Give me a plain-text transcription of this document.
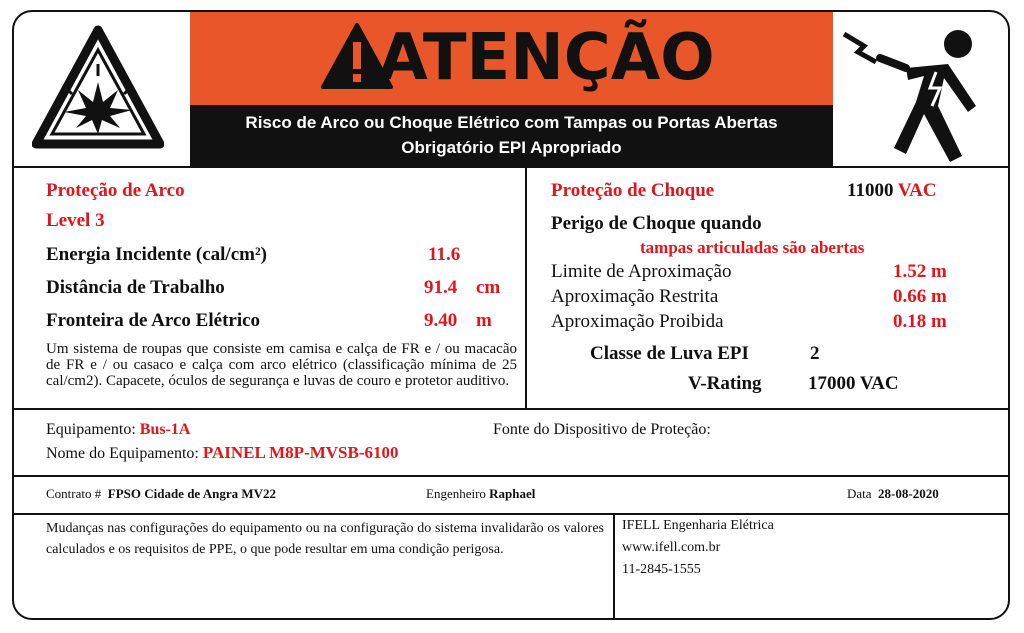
ATENÇÃO
Risco de Arco ou Choque Elétrico com Tampas ou Portas Abertas
Obrigatório EPI Apropriado
Proteção de Arco
Level 3
Energia Incidente (cal/cm²)	11.6
Distância de Trabalho	91.4 cm
Fronteira de Arco Elétrico	9.40 m
Um sistema de roupas que consiste em camisa e calça de FR e / ou macacão de FR e / ou casaco e calça com arco elétrico (classificação mínima de 25 cal/cm2). Capacete, óculos de segurança e luvas de couro e protetor auditivo.
Proteção de Choque	11000 VAC
Perigo de Choque quando
tampas articuladas são abertas
Limite de Aproximação	1.52 m
Aproximação Restrita	0.66 m
Aproximação Proibida	0.18 m
Classe de Luva EPI	2
V-Rating 17000 VAC
Equipamento: Bus-1A	Fonte do Dispositivo de Proteção:
Nome do Equipamento: PAINEL M8P-MVSB-6100
Contrato # FPSO Cidade de Angra MV22	Engenheiro Raphael	Data 28-08-2020
Mudanças nas configurações do equipamento ou na configuração do sistema invalidarão os valores calculados e os requisitos de PPE, o que pode resultar em uma condição perigosa.
IFELL Engenharia Elétrica
www.ifell.com.br
11-2845-1555
